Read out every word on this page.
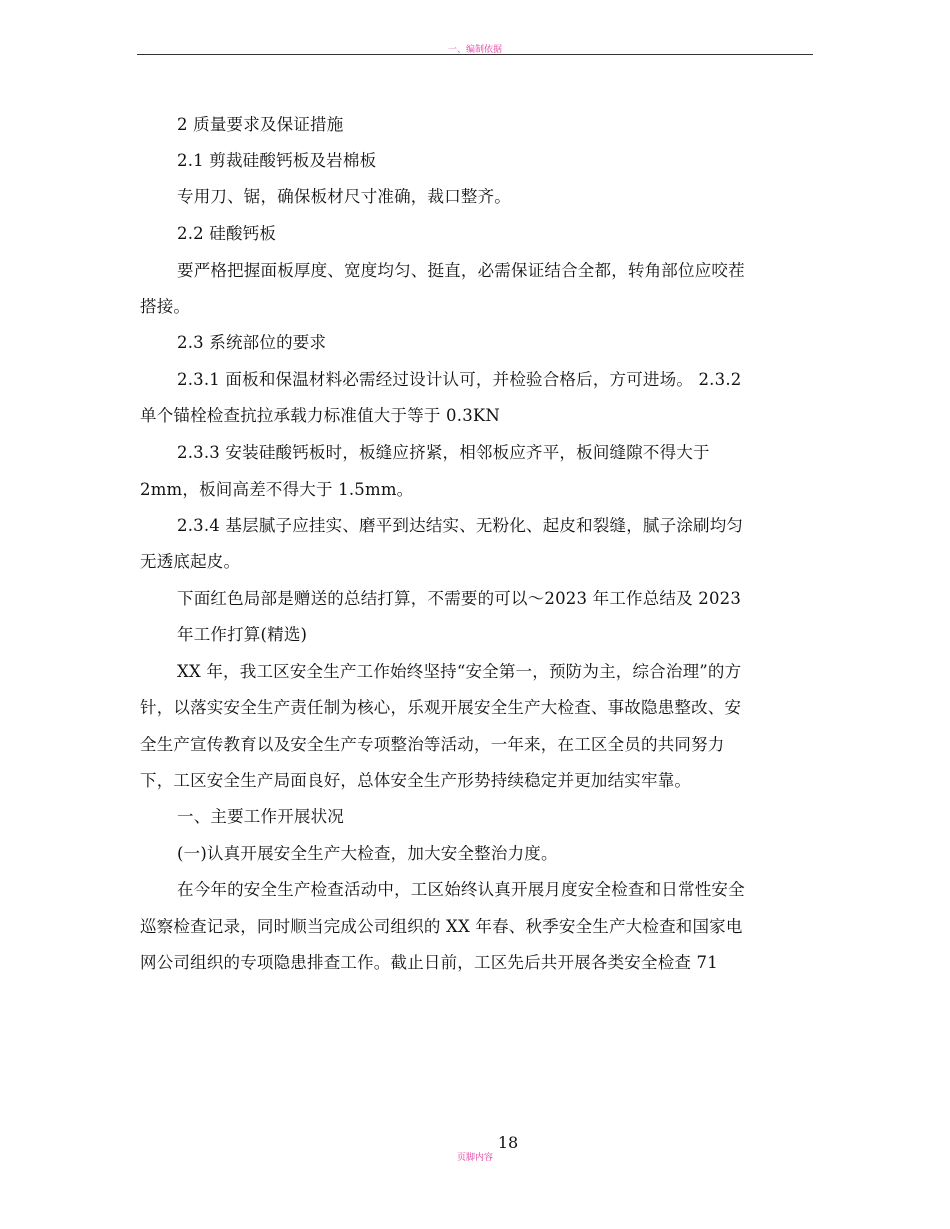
一、编制依据
2 质量要求及保证措施
2.1 剪裁硅酸钙板及岩棉板
专用刀、锯，确保板材尺寸准确，裁口整齐。
2.2 硅酸钙板
要严格把握面板厚度、宽度均匀、挺直，必需保证结合全都，转角部位应咬茬
搭接。
2.3 系统部位的要求
2.3.1 面板和保温材料必需经过设计认可，并检验合格后，方可进场。 2.3.2
单个锚栓检查抗拉承载力标准值大于等于 0.3KN
2.3.3 安装硅酸钙板时，板缝应挤紧，相邻板应齐平，板间缝隙不得大于
2mm，板间高差不得大于 1.5mm。
2.3.4 基层腻子应挂实、磨平到达结实、无粉化、起皮和裂缝，腻子涂刷均匀
无透底起皮。
下面红色局部是赠送的总结打算，不需要的可以～2023 年工作总结及 2023
年工作打算(精选)
XX 年，我工区安全生产工作始终坚持“安全第一，预防为主，综合治理”的方
针，以落实安全生产责任制为核心，乐观开展安全生产大检查、事故隐患整改、安
全生产宣传教育以及安全生产专项整治等活动，一年来，在工区全员的共同努力
下，工区安全生产局面良好，总体安全生产形势持续稳定并更加结实牢靠。
一、主要工作开展状况
(一)认真开展安全生产大检查，加大安全整治力度。
在今年的安全生产检查活动中，工区始终认真开展月度安全检查和日常性安全
巡察检查记录，同时顺当完成公司组织的 XX 年春、秋季安全生产大检查和国家电
网公司组织的专项隐患排查工作。截止日前，工区先后共开展各类安全检查 71
18
页脚内容
